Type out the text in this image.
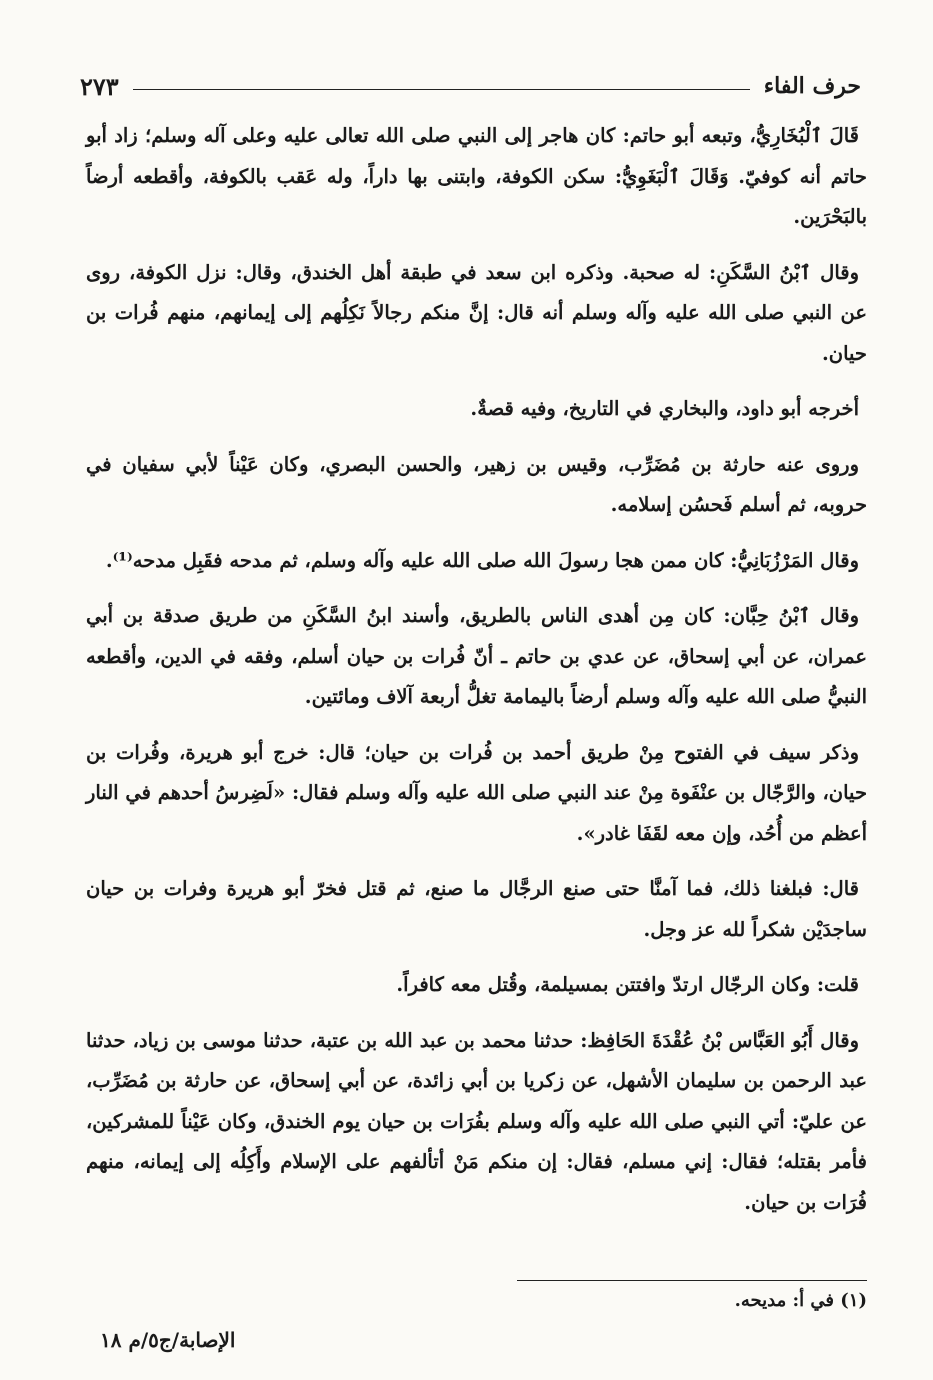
حرف الفاء
٢٧٣

قَالَ ٱلْبُخَارِيُّ، وتبعه أبو حاتم: كان هاجر إلى النبي صلى الله تعالى عليه وعلى آله وسلم؛ زاد أبو حاتم أنه كوفيّ. وَقَالَ ٱلْبَغَوِيُّ: سكن الكوفة، وابتنى بها داراً، وله عَقب بالكوفة، وأقطعه أرضاً بالبَحْرَين.

وقال ٱبْنُ السَّكَنِ: له صحبة. وذكره ابن سعد في طبقة أهل الخندق، وقال: نزل الكوفة، روى عن النبي صلى الله عليه وآله وسلم أنه قال: إنَّ منكم رجالاً نَكِلُهم إلى إيمانهم، منهم فُرات بن حيان.

أخرجه أبو داود، والبخاري في التاريخ، وفيه قصةٌ.

وروى عنه حارثة بن مُضَرِّب، وقيس بن زهير، والحسن البصري، وكان عَيْناً لأبي سفيان في حروبه، ثم أسلم فَحسُن إسلامه.

وقال المَرْزُبَانِيُّ: كان ممن هجا رسولَ الله صلى الله عليه وآله وسلم، ثم مدحه فقَبِل مدحه⁽¹⁾.

وقال ٱبْنُ حِبَّان: كان مِن أهدى الناس بالطريق، وأسند ابنُ السَّكَنِ من طريق صدقة بن أبي عمران، عن أبي إسحاق، عن عدي بن حاتم ـ أنّ فُرات بن حيان أسلم، وفقه في الدين، وأقطعه النبيُّ صلى الله عليه وآله وسلم أرضاً باليمامة تغلُّ أربعة آلاف ومائتين.

وذكر سيف في الفتوح مِنْ طريق أحمد بن فُرات بن حيان؛ قال: خرج أبو هريرة، وفُرات بن حيان، والرَّجّال بن عنْفَوة مِنْ عند النبي صلى الله عليه وآله وسلم فقال: «لَضِرسُ أحدهم في النار أعظم من أُحُد، وإن معه لقَفَا غادر».

قال: فبلغنا ذلك، فما آمنَّا حتى صنع الرجَّال ما صنع، ثم قتل فخرّ أبو هريرة وفرات بن حيان ساجدَيْن شكراً لله عز وجل.

قلت: وكان الرجّال ارتدّ وافتتن بمسيلمة، وقُتل معه كافراً.

وقال أَبُو العَبَّاس بْنُ عُقْدَةَ الحَافِظ: حدثنا محمد بن عبد الله بن عتبة، حدثنا موسى بن زياد، حدثنا عبد الرحمن بن سليمان الأشهل، عن زكريا بن أبي زائدة، عن أبي إسحاق، عن حارثة بن مُضَرِّب، عن عليّ: أتي النبي صلى الله عليه وآله وسلم بفُرَات بن حيان يوم الخندق، وكان عَيْناً للمشركين، فأمر بقتله؛ فقال: إني مسلم، فقال: إن منكم مَنْ أتألفهم على الإسلام وأَكِلُه إلى إيمانه، منهم فُرَات بن حيان.

(١) في أ: مديحه.
الإصابة/ج٥/م ١٨
